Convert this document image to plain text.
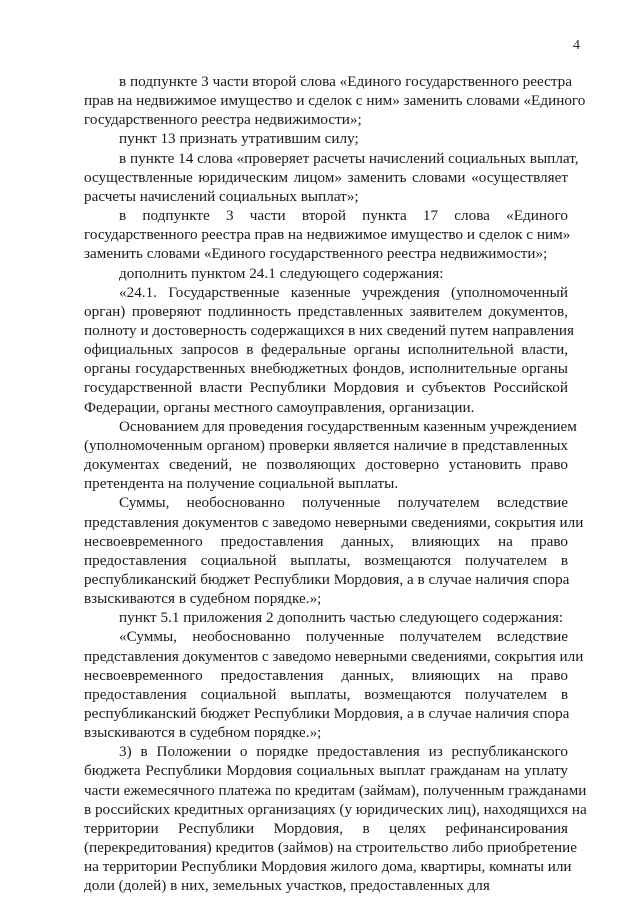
4
в подпункте 3 части второй слова «Единого государственного реестра
прав на недвижимое имущество и сделок с ним» заменить словами «Единого
государственного реестра недвижимости»;
пункт 13 признать утратившим силу;
в пункте 14 слова «проверяет расчеты начислений социальных выплат,
осуществленные юридическим лицом» заменить словами «осуществляет
расчеты начислений социальных выплат»;
в подпункте 3 части второй пункта 17 слова «Единого
государственного реестра прав на недвижимое имущество и сделок с ним»
заменить словами «Единого государственного реестра недвижимости»;
дополнить пунктом 24.1 следующего содержания:
«24.1. Государственные казенные учреждения (уполномоченный
орган) проверяют подлинность представленных заявителем документов,
полноту и достоверность содержащихся в них сведений путем направления
официальных запросов в федеральные органы исполнительной власти,
органы государственных внебюджетных фондов, исполнительные органы
государственной власти Республики Мордовия и субъектов Российской
Федерации, органы местного самоуправления, организации.
Основанием для проведения государственным казенным учреждением
(уполномоченным органом) проверки является наличие в представленных
документах сведений, не позволяющих достоверно установить право
претендента на получение социальной выплаты.
Суммы, необоснованно полученные получателем вследствие
представления документов с заведомо неверными сведениями, сокрытия или
несвоевременного предоставления данных, влияющих на право
предоставления социальной выплаты, возмещаются получателем в
республиканский бюджет Республики Мордовия, а в случае наличия спора
взыскиваются в судебном порядке.»;
пункт 5.1 приложения 2 дополнить частью следующего содержания:
«Суммы, необоснованно полученные получателем вследствие
представления документов с заведомо неверными сведениями, сокрытия или
несвоевременного предоставления данных, влияющих на право
предоставления социальной выплаты, возмещаются получателем в
республиканский бюджет Республики Мордовия, а в случае наличия спора
взыскиваются в судебном порядке.»;
3) в Положении о порядке предоставления из республиканского
бюджета Республики Мордовия социальных выплат гражданам на уплату
части ежемесячного платежа по кредитам (займам), полученным гражданами
в российских кредитных организациях (у юридических лиц), находящихся на
территории Республики Мордовия, в целях рефинансирования
(перекредитования) кредитов (займов) на строительство либо приобретение
на территории Республики Мордовия жилого дома, квартиры, комнаты или
доли (долей) в них, земельных участков, предоставленных для
